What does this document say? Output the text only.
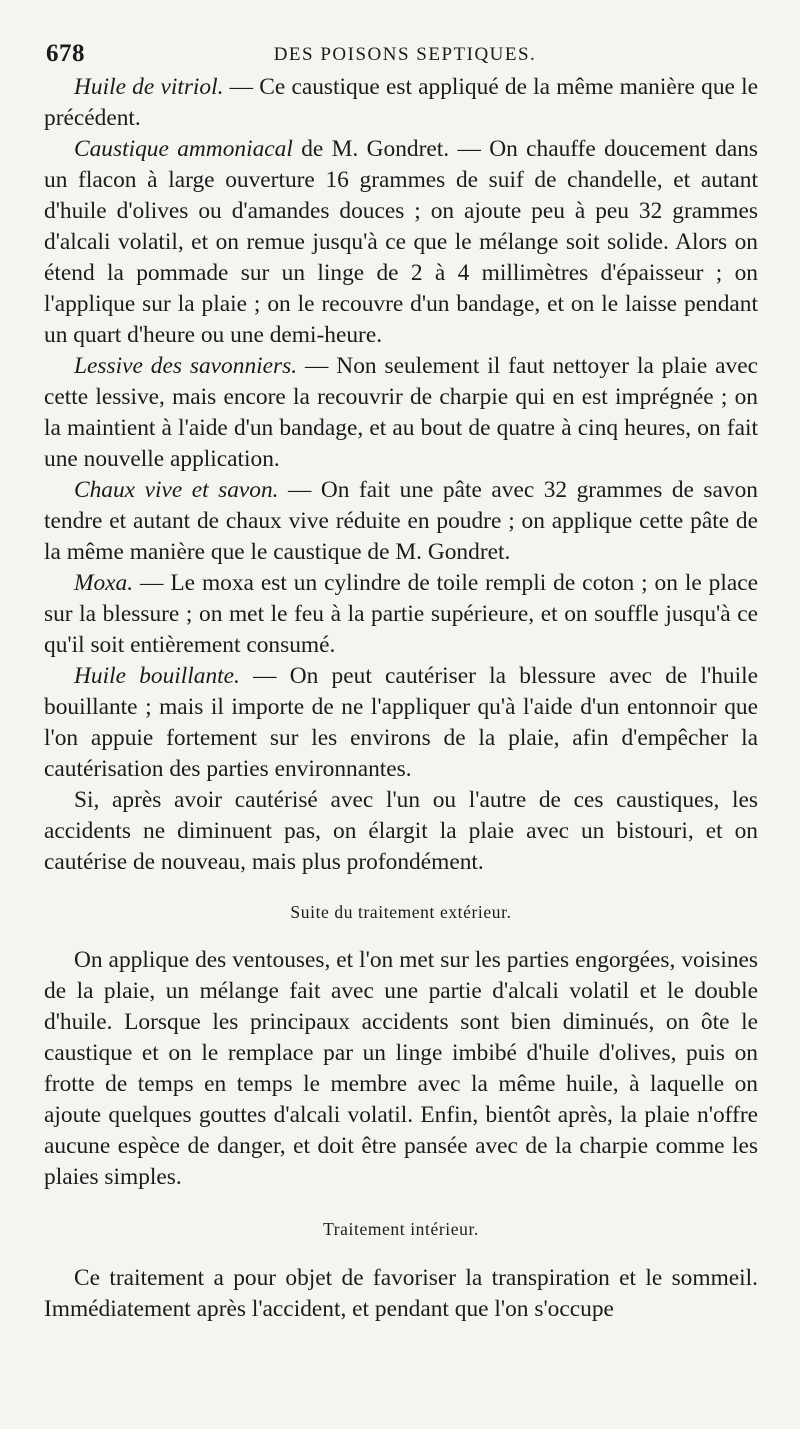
678	DES POISONS SEPTIQUES.

Huile de vitriol. — Ce caustique est appliqué de la même manière que le précédent.

Caustique ammoniacal de M. Gondret. — On chauffe doucement dans un flacon à large ouverture 16 grammes de suif de chandelle, et autant d'huile d'olives ou d'amandes douces ; on ajoute peu à peu 32 grammes d'alcali volatil, et on remue jusqu'à ce que le mélange soit solide. Alors on étend la pommade sur un linge de 2 à 4 millimètres d'épaisseur ; on l'applique sur la plaie ; on le recouvre d'un bandage, et on le laisse pendant un quart d'heure ou une demi-heure.

Lessive des savonniers. — Non seulement il faut nettoyer la plaie avec cette lessive, mais encore la recouvrir de charpie qui en est imprégnée ; on la maintient à l'aide d'un bandage, et au bout de quatre à cinq heures, on fait une nouvelle application.

Chaux vive et savon. — On fait une pâte avec 32 grammes de savon tendre et autant de chaux vive réduite en poudre ; on applique cette pâte de la même manière que le caustique de M. Gondret.

Moxa. — Le moxa est un cylindre de toile rempli de coton ; on le place sur la blessure ; on met le feu à la partie supérieure, et on souffle jusqu'à ce qu'il soit entièrement consumé.

Huile bouillante. — On peut cautériser la blessure avec de l'huile bouillante ; mais il importe de ne l'appliquer qu'à l'aide d'un entonnoir que l'on appuie fortement sur les environs de la plaie, afin d'empêcher la cautérisation des parties environnantes.

Si, après avoir cautérisé avec l'un ou l'autre de ces caustiques, les accidents ne diminuent pas, on élargit la plaie avec un bistouri, et on cautérise de nouveau, mais plus profondément.

Suite du traitement extérieur.

On applique des ventouses, et l'on met sur les parties engorgées, voisines de la plaie, un mélange fait avec une partie d'alcali volatil et le double d'huile. Lorsque les principaux accidents sont bien diminués, on ôte le caustique et on le remplace par un linge imbibé d'huile d'olives, puis on frotte de temps en temps le membre avec la même huile, à laquelle on ajoute quelques gouttes d'alcali volatil. Enfin, bientôt après, la plaie n'offre aucune espèce de danger, et doit être pansée avec de la charpie comme les plaies simples.

Traitement intérieur.

Ce traitement a pour objet de favoriser la transpiration et le sommeil. Immédiatement après l'accident, et pendant que l'on s'occupe
